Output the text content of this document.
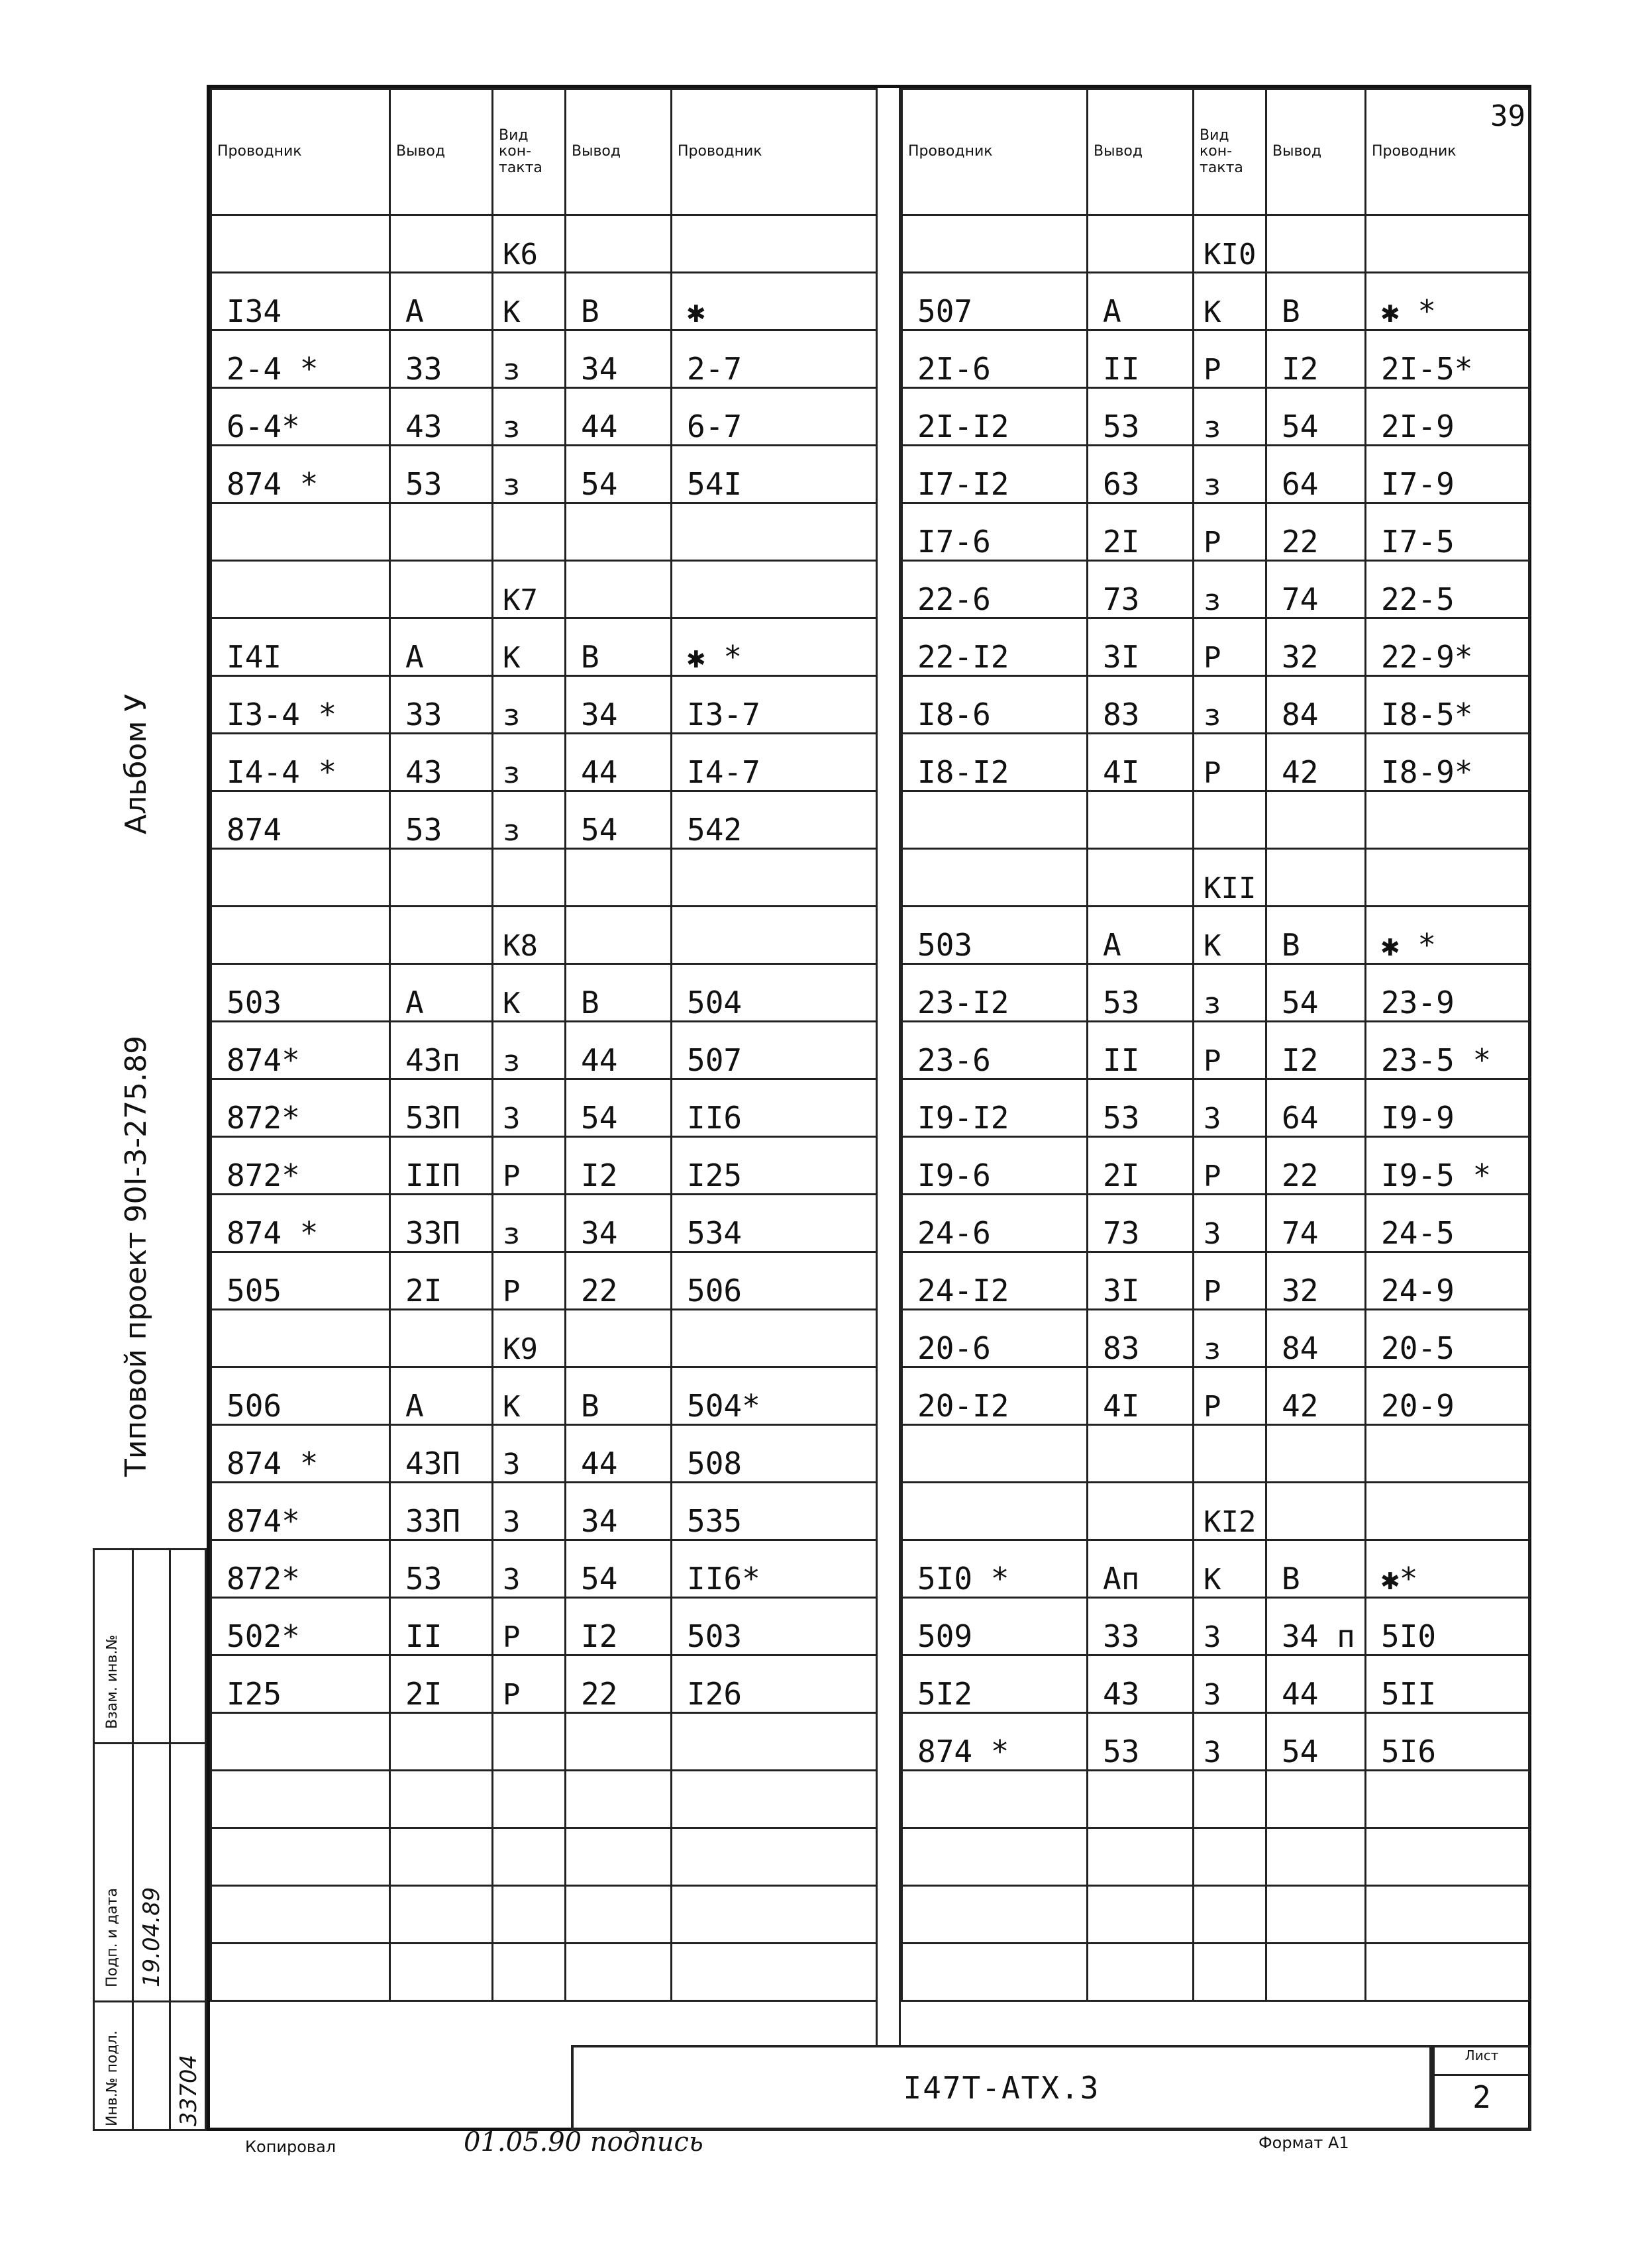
39
Проводник	Вывод	Вид кон-такта	Вывод	Проводник
		К6		
I34	А	К	В	✱
2-4 *	33	з	34	2-7
6-4*	43	з	44	6-7
874 *	53	з	54	54I

		К7		
I4I	А	К	В	✱ *
I3-4 *	33	з	34	I3-7
I4-4 *	43	з	44	I4-7
874	53	з	54	542

		К8		
503	А	К	В	504
874*	43п	з	44	507
872*	53П	З	54	II6
872*	IIП	Р	I2	I25
874 *	33П	з	34	534
505	2I	Р	22	506
		К9		
506	А	К	В	504*
874 *	43П	З	44	508
874*	33П	З	34	535
872*	53	З	54	II6*
502*	II	Р	I2	503
I25	2I	Р	22	I26

Проводник	Вывод	Вид кон-такта	Вывод	Проводник
		КI0		
507	А	К	В	✱ *
2I-6	II	Р	I2	2I-5*
2I-I2	53	з	54	2I-9
I7-I2	63	з	64	I7-9
I7-6	2I	Р	22	I7-5
22-6	73	з	74	22-5
22-I2	3I	Р	32	22-9*
I8-6	83	з	84	I8-5*
I8-I2	4I	Р	42	I8-9*

		КII		
503	А	К	В	✱ *
23-I2	53	з	54	23-9
23-6	II	Р	I2	23-5 *
I9-I2	53	З	64	I9-9
I9-6	2I	Р	22	I9-5 *
24-6	73	З	74	24-5
24-I2	3I	Р	32	24-9
20-6	83	з	84	20-5
20-I2	4I	Р	42	20-9

		КI2		
5I0 *	Ап	К	В	✱*
509	33	З	34 п	5I0
5I2	43	З	44	5II
874 *	53	З	54	5I6

I47Т-АТХ.3
Лист
2
Альбом У
Типовой проект 90I-3-275.89
Взам. инв.№
Подп. и дата
Инв.№ подл.
19.04.89
33704
Копировал	01.05.90 подпись	Формат А1
